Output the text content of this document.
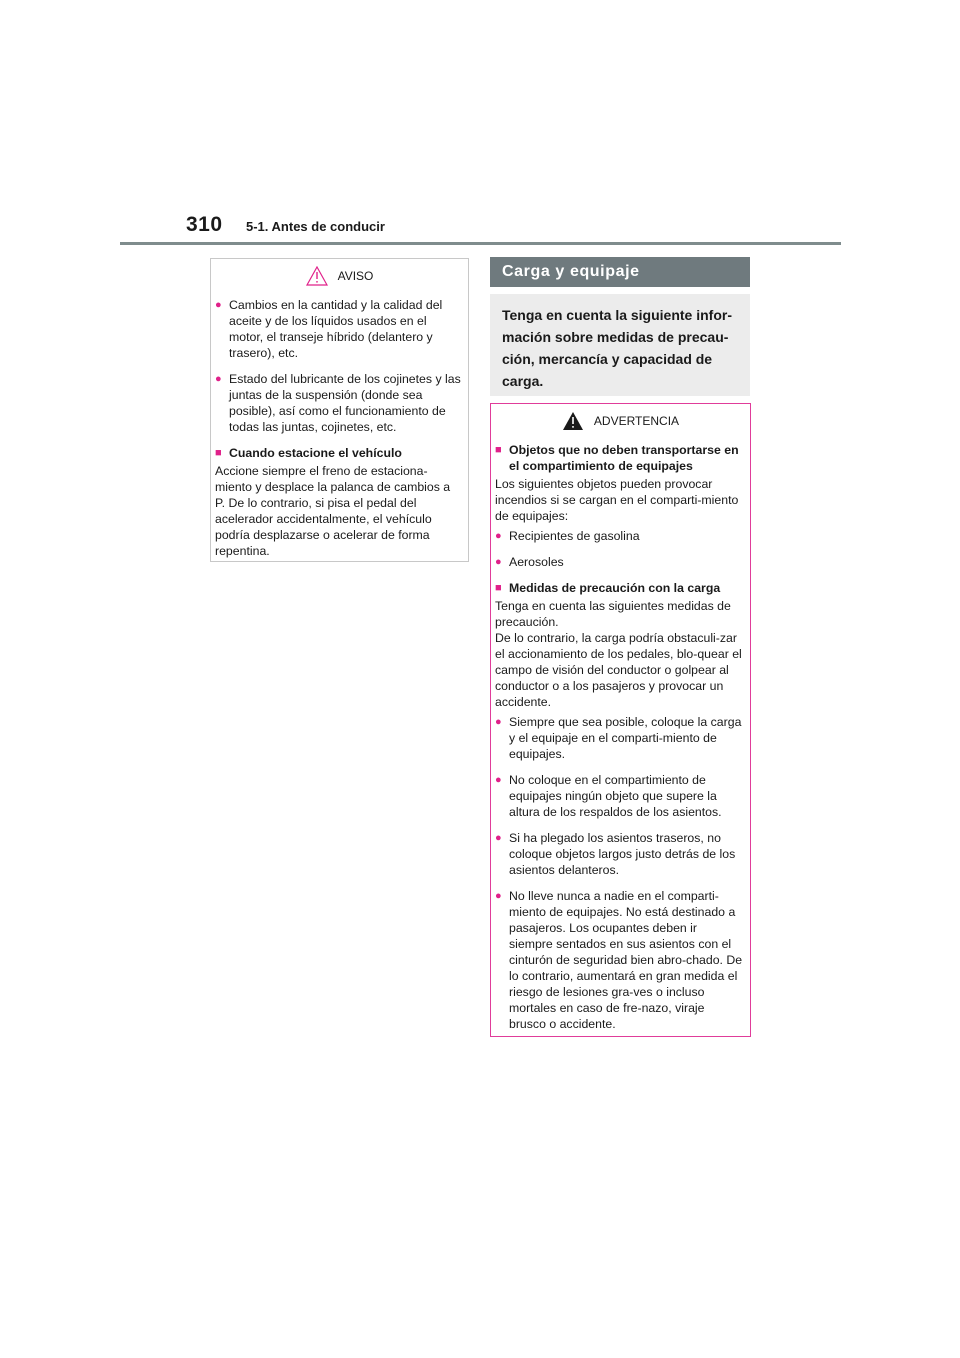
310 5-1. Antes de conducir
AVISO
● Cambios en la cantidad y la calidad del aceite y de los líquidos usados en el motor, el transeje híbrido (delantero y trasero), etc.
● Estado del lubricante de los cojinetes y las juntas de la suspensión (donde sea posible), así como el funcionamiento de todas las juntas, cojinetes, etc.
■ Cuando estacione el vehículo
Accione siempre el freno de estaciona-miento y desplace la palanca de cambios a P. De lo contrario, si pisa el pedal del acelerador accidentalmente, el vehículo podría desplazarse o acelerar de forma repentina.
Carga y equipaje
Tenga en cuenta la siguiente infor-
mación sobre medidas de precau-
ción, mercancía y capacidad de
carga.
ADVERTENCIA
■ Objetos que no deben transportarse en el compartimiento de equipajes
Los siguientes objetos pueden provocar incendios si se cargan en el comparti-miento de equipajes:
● Recipientes de gasolina
● Aerosoles
■ Medidas de precaución con la carga
Tenga en cuenta las siguientes medidas de precaución.
De lo contrario, la carga podría obstaculi-zar el accionamiento de los pedales, blo-quear el campo de visión del conductor o golpear al conductor o a los pasajeros y provocar un accidente.
● Siempre que sea posible, coloque la carga y el equipaje en el comparti-miento de equipajes.
● No coloque en el compartimiento de equipajes ningún objeto que supere la altura de los respaldos de los asientos.
● Si ha plegado los asientos traseros, no coloque objetos largos justo detrás de los asientos delanteros.
● No lleve nunca a nadie en el comparti-miento de equipajes. No está destinado a pasajeros. Los ocupantes deben ir siempre sentados en sus asientos con el cinturón de seguridad bien abro-chado. De lo contrario, aumentará en gran medida el riesgo de lesiones gra-ves o incluso mortales en caso de fre-nazo, viraje brusco o accidente.
